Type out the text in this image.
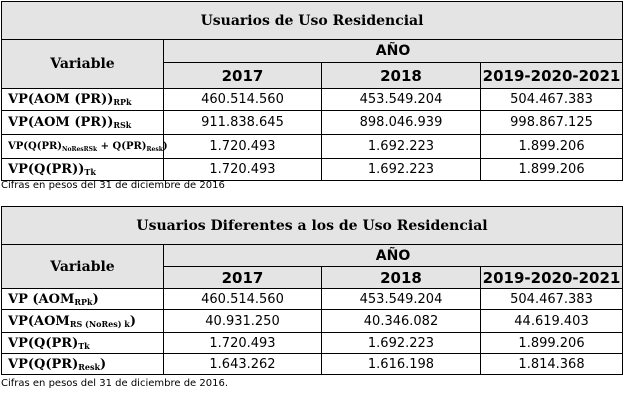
Usuarios de Uso Residencial			
Variable	AÑO		
	2017	2018	2019-2020-2021
VP(AOM $(PR))_{RPk}$	460.514.560	453.549.204	504.467.383
VP(AOM $(PR))_{RSk}$	911.838.645	898.046.939	998.867.125
$VP(Q(PR)_{NoResRSk} + Q(PR)_{Resk})$	1.720.493	1.692.223	1.899.206
$VP(Q(PR))_{Tk}$	1.720.493	1.692.223	1.899.206
Cifras en pesos del 31 de diciembre de 2016
Usuarios Diferentes a los de Uso Residencial			
Variable	AÑO		
	2017	2018	2019-2020-2021
VP $(AOM_{RPk})$	460.514.560	453.549.204	504.467.383
$VP(AOM_{RS (NoRes) k})$	40.931.250	40.346.082	44.619.403
$VP(Q(PR)_{Tk}$	1.720.493	1.692.223	1.899.206
$VP(Q(PR)_{Resk})$	1.643.262	1.616.198	1.814.368
Cifras en pesos del 31 de diciembre de 2016.
